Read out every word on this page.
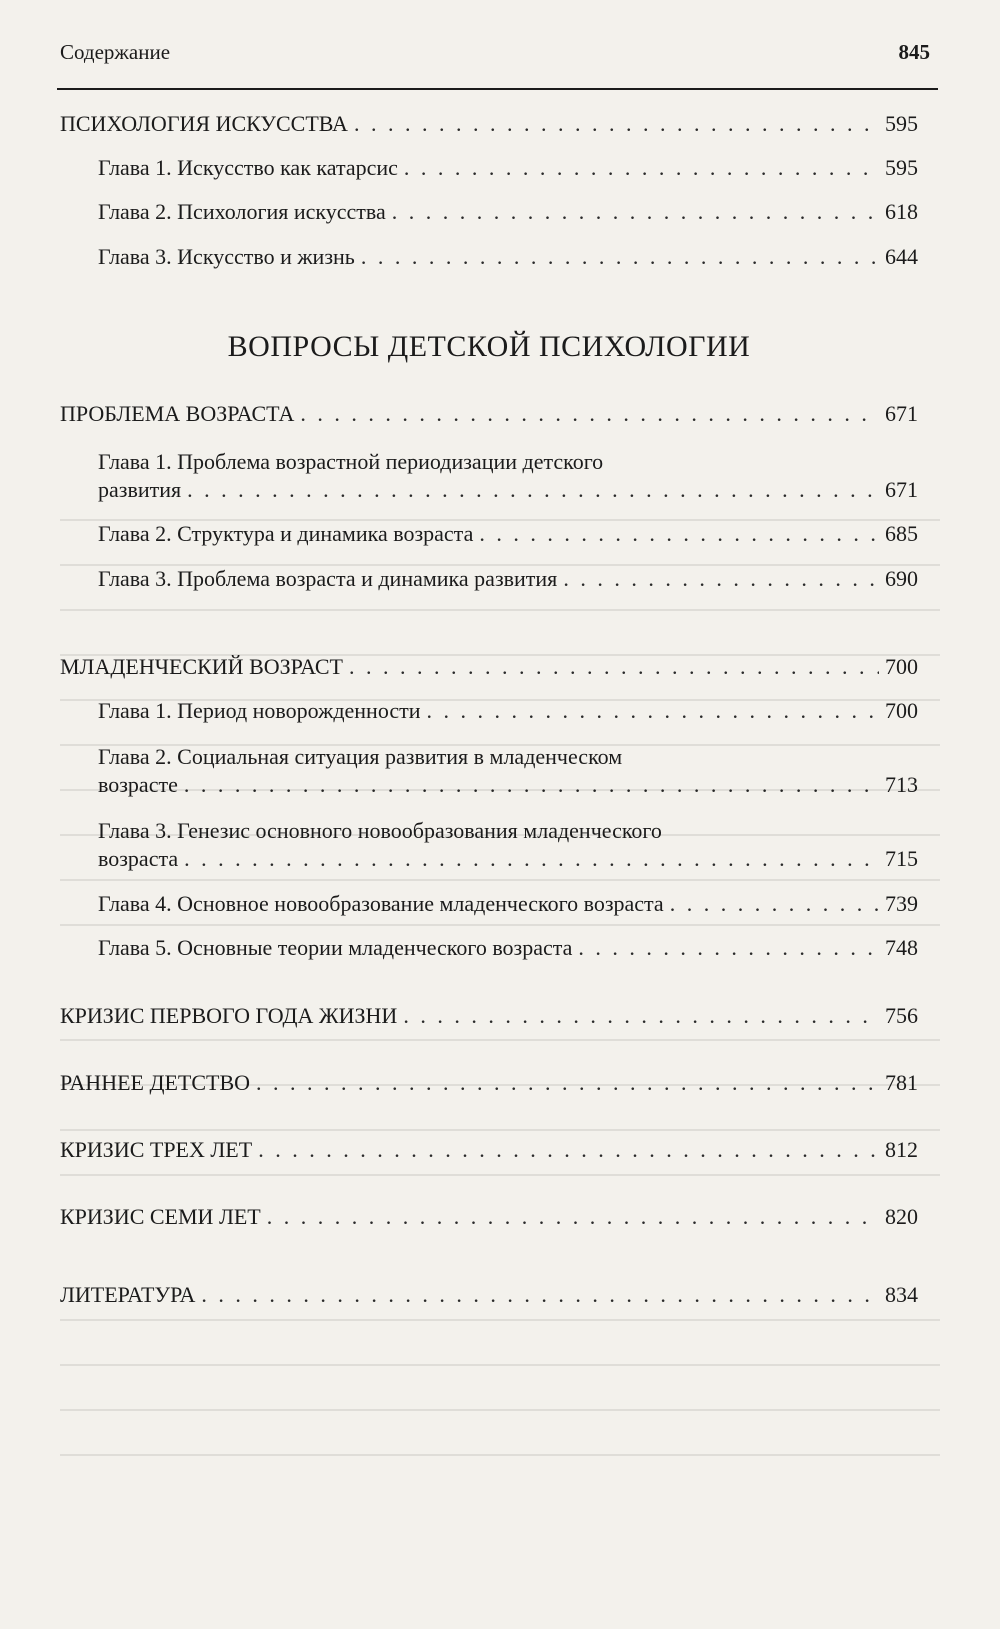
Содержание	845
ПСИХОЛОГИЯ ИСКУССТВА . . .	595
Глава 1. Искусство как катарсис . . .	595
Глава 2. Психология искусства . . .	618
Глава 3. Искусство и жизнь . . .	644
ВОПРОСЫ ДЕТСКОЙ ПСИХОЛОГИИ
ПРОБЛЕМА ВОЗРАСТА . . .	671
Глава 1. Проблема возрастной периодизации детского
развития . . .	671
Глава 2. Структура и динамика возраста . . .	685
Глава 3. Проблема возраста и динамика развития . . .	690
МЛАДЕНЧЕСКИЙ ВОЗРАСТ . . .	700
Глава 1. Период новорожденности . . .	700
Глава 2. Социальная ситуация развития в младенческом
возрасте . . .	713
Глава 3. Генезис основного новообразования младенческого
возраста . . .	715
Глава 4. Основное новообразование младенческого возраста . . .	739
Глава 5. Основные теории младенческого возраста . . .	748
КРИЗИС ПЕРВОГО ГОДА ЖИЗНИ . . .	756
РАННЕЕ ДЕТСТВО . . .	781
КРИЗИС ТРЕХ ЛЕТ . . .	812
КРИЗИС СЕМИ ЛЕТ . . .	820
ЛИТЕРАТУРА . . .	834
